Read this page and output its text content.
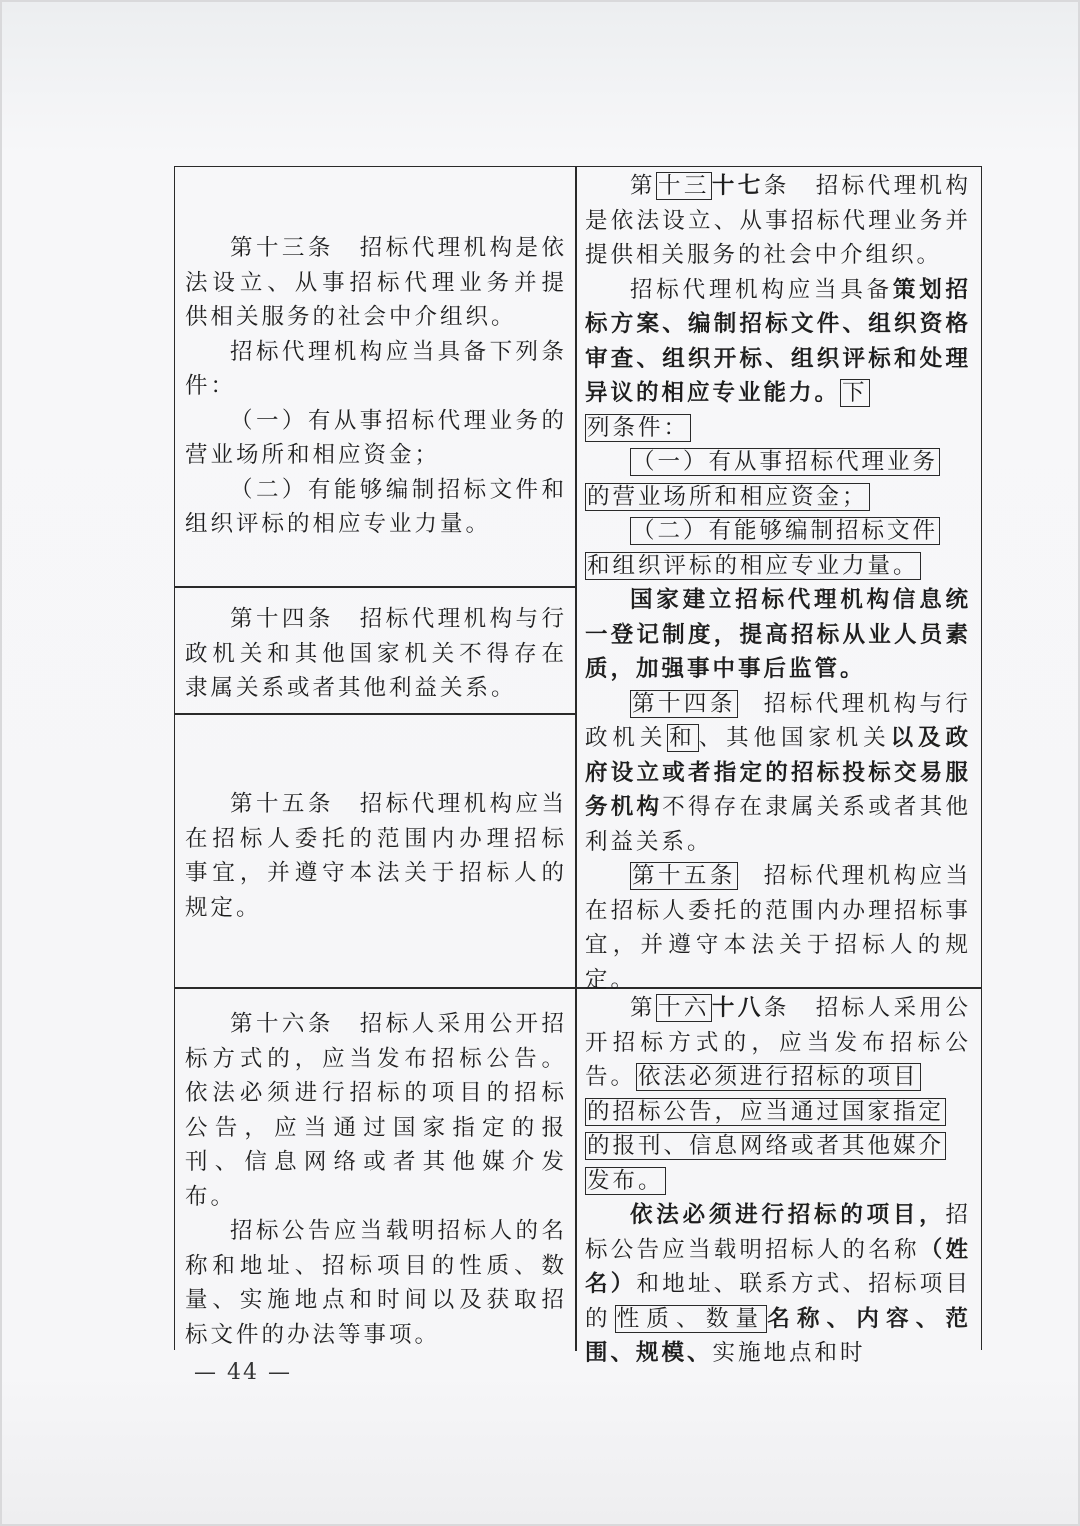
第十三条　招标代理机构是依法设立、从事招标代理业务并提供相关服务的社会中介组织。

招标代理机构应当具备下列条件：

（一）有从事招标代理业务的营业场所和相应资金；

（二）有能够编制招标文件和组织评标的相应专业力量。

第十四条　招标代理机构与行政机关和其他国家机关不得存在隶属关系或者其他利益关系。

第十五条　招标代理机构应当在招标人委托的范围内办理招标事宜，并遵守本法关于招标人的规定。

第十六条　招标人采用公开招标方式的，应当发布招标公告。依法必须进行招标的项目的招标公告，应当通过国家指定的报刊、信息网络或者其他媒介发布。

招标公告应当载明招标人的名称和地址、招标项目的性质、数量、实施地点和时间以及获取招标文件的办法等事项。

第十三十七条　招标代理机构是依法设立、从事招标代理业务并提供相关服务的社会中介组织。

招标代理机构应当具备策划招标方案、编制招标文件、组织资格审查、组织开标、组织评标和处理异议的相应专业能力。下

列条件：

（一）有从事招标代理业务

的营业场所和相应资金；

（二）有能够编制招标文件

和组织评标的相应专业力量。

国家建立招标代理机构信息统一登记制度，提高招标从业人员素质，加强事中事后监管。

第十四条　招标代理机构与行政机关和、其他国家机关以及政府设立或者指定的招标投标交易服务机构不得存在隶属关系或者其他利益关系。

第十五条　招标代理机构应当在招标人委托的范围内办理招标事宜，并遵守本法关于招标人的规定。

第十六十八条　招标人采用公开招标方式的，应当发布招标公告。依法必须进行招标的项目

的招标公告，应当通过国家指定

的报刊、信息网络或者其他媒介

发布。

依法必须进行招标的项目，招标公告应当载明招标人的名称（姓名）和地址、联系方式、招标项目的性质、数量名称、内容、范围、规模、实施地点和时

— 44 —
